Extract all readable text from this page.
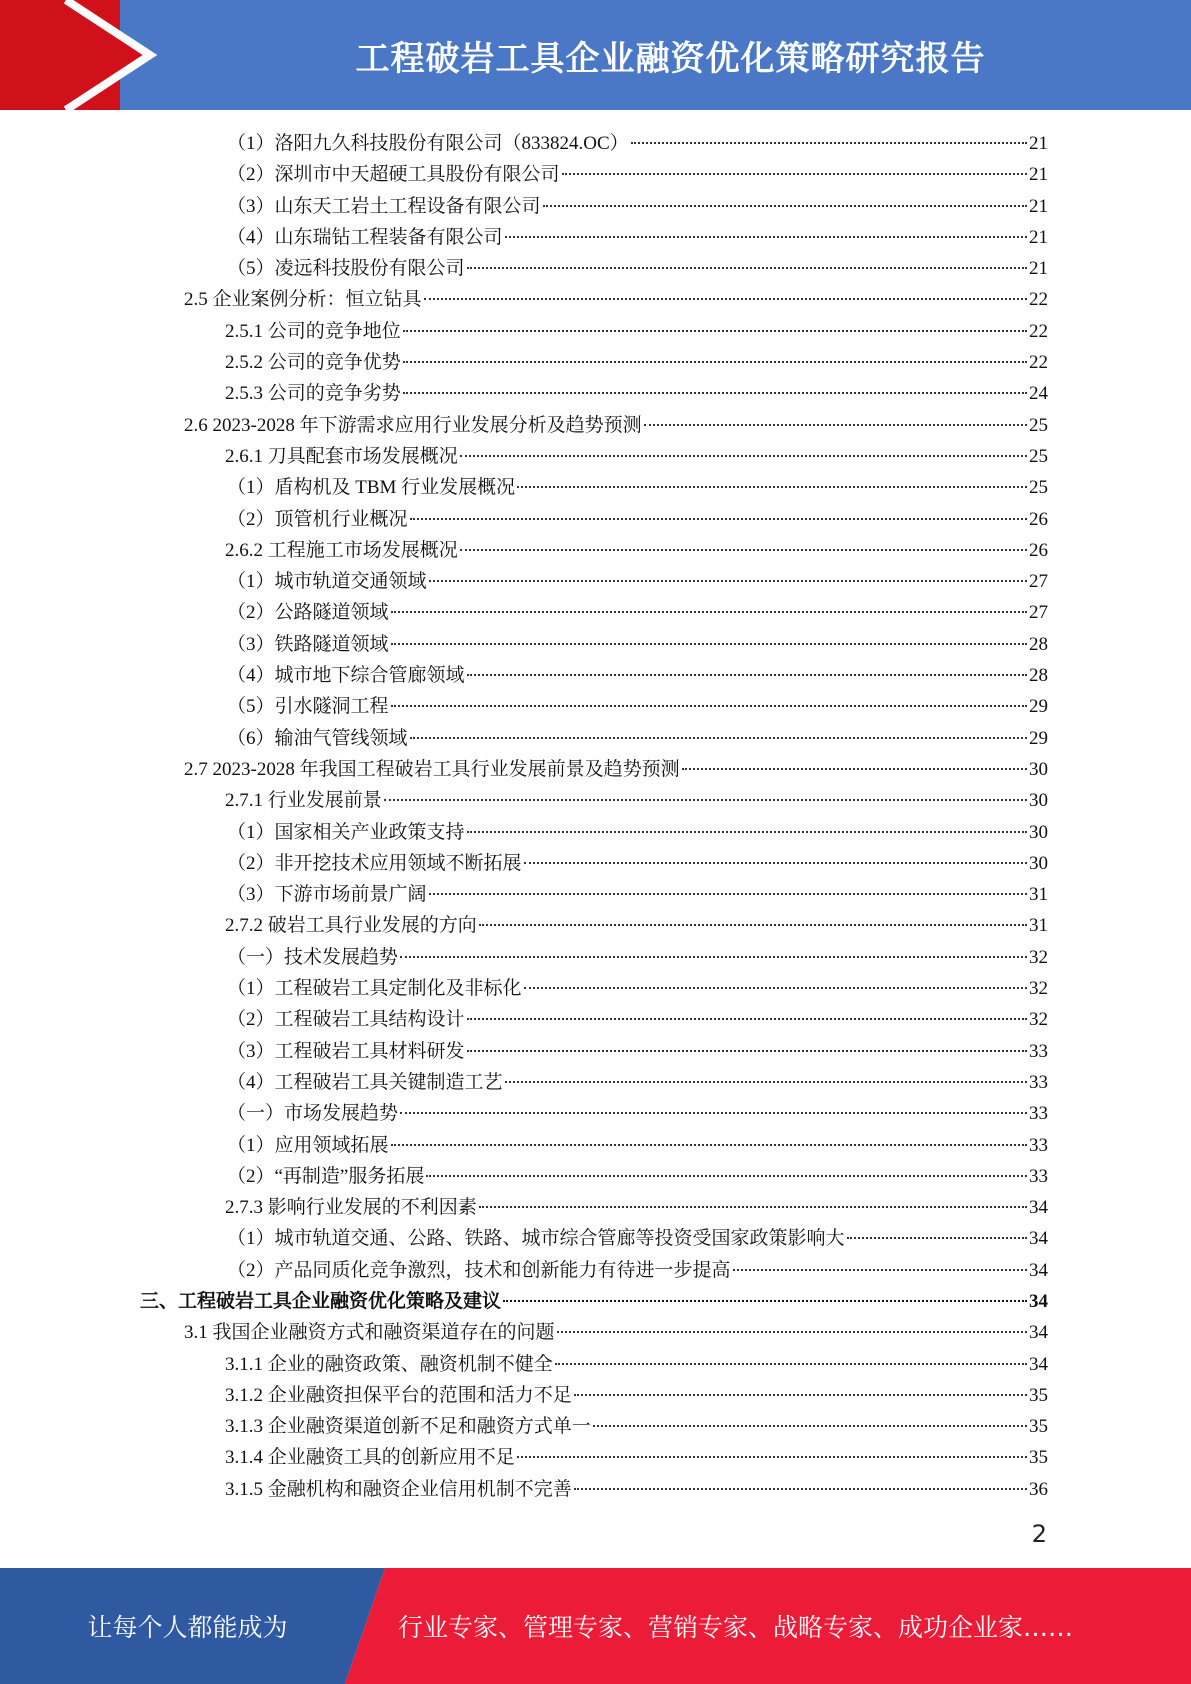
工程破岩工具企业融资优化策略研究报告
（1）洛阳九久科技股份有限公司（833824.OC）	21
（2）深圳市中天超硬工具股份有限公司	21
（3）山东天工岩土工程设备有限公司	21
（4）山东瑞钻工程装备有限公司	21
（5）凌远科技股份有限公司	21
2.5 企业案例分析：恒立钻具	22
2.5.1 公司的竞争地位	22
2.5.2 公司的竞争优势	22
2.5.3 公司的竞争劣势	24
2.6 2023-2028 年下游需求应用行业发展分析及趋势预测	25
2.6.1 刀具配套市场发展概况	25
（1）盾构机及 TBM 行业发展概况	25
（2）顶管机行业概况	26
2.6.2 工程施工市场发展概况	26
（1）城市轨道交通领域	27
（2）公路隧道领域	27
（3）铁路隧道领域	28
（4）城市地下综合管廊领域	28
（5）引水隧洞工程	29
（6）输油气管线领域	29
2.7 2023-2028 年我国工程破岩工具行业发展前景及趋势预测	30
2.7.1 行业发展前景	30
（1）国家相关产业政策支持	30
（2）非开挖技术应用领域不断拓展	30
（3）下游市场前景广阔	31
2.7.2 破岩工具行业发展的方向	31
（一）技术发展趋势	32
（1）工程破岩工具定制化及非标化	32
（2）工程破岩工具结构设计	32
（3）工程破岩工具材料研发	33
（4）工程破岩工具关键制造工艺	33
（一）市场发展趋势	33
（1）应用领域拓展	33
（2）“再制造”服务拓展	33
2.7.3 影响行业发展的不利因素	34
（1）城市轨道交通、公路、铁路、城市综合管廊等投资受国家政策影响大	34
（2）产品同质化竞争激烈，技术和创新能力有待进一步提高	34
三、工程破岩工具企业融资优化策略及建议	34
3.1 我国企业融资方式和融资渠道存在的问题	34
3.1.1 企业的融资政策、融资机制不健全	34
3.1.2 企业融资担保平台的范围和活力不足	35
3.1.3 企业融资渠道创新不足和融资方式单一	35
3.1.4 企业融资工具的创新应用不足	35
3.1.5 金融机构和融资企业信用机制不完善	36
2
让每个人都能成为	行业专家、管理专家、营销专家、战略专家、成功企业家……
